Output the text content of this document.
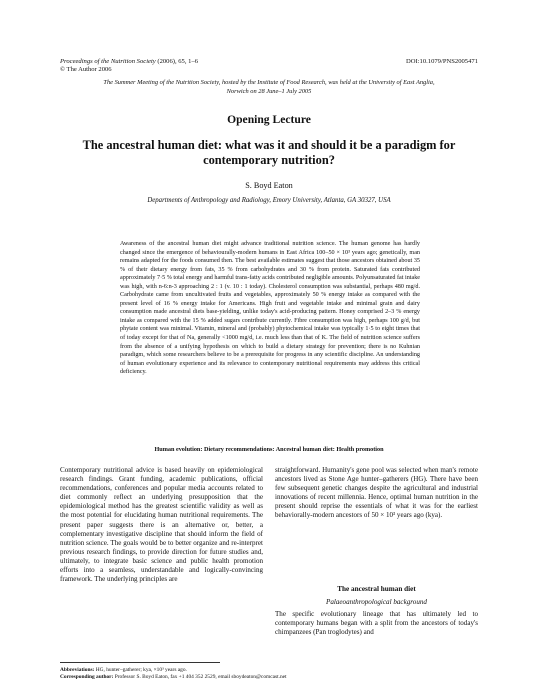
Proceedings of the Nutrition Society (2006), 65, 1–6
© The Author 2006
DOI:10.1079/PNS2005471
The Summer Meeting of the Nutrition Society, hosted by the Institute of Food Research, was held at the University of East Anglia,
Norwich on 28 June–1 July 2005
Opening Lecture
The ancestral human diet: what was it and should it be a paradigm for contemporary nutrition?
S. Boyd Eaton
Departments of Anthropology and Radiology, Emory University, Atlanta, GA 30327, USA
Awareness of the ancestral human diet might advance traditional nutrition science. The human genome has hardly changed since the emergence of behaviourally-modern humans in East Africa 100–50 × 10³ years ago; genetically, man remains adapted for the foods consumed then. The best available estimates suggest that those ancestors obtained about 35 % of their dietary energy from fats, 35 % from carbohydrates and 30 % from protein. Saturated fats contributed approximately 7·5 % total energy and harmful trans-fatty acids contributed negligible amounts. Polyunsaturated fat intake was high, with n-6:n-3 approaching 2 : 1 (v. 10 : 1 today). Cholesterol consumption was substantial, perhaps 480 mg/d. Carbohydrate came from uncultivated fruits and vegetables, approximately 50 % energy intake as compared with the present level of 16 % energy intake for Americans. High fruit and vegetable intake and minimal grain and dairy consumption made ancestral diets base-yielding, unlike today's acid-producing pattern. Honey comprised 2–3 % energy intake as compared with the 15 % added sugars contribute currently. Fibre consumption was high, perhaps 100 g/d, but phytate content was minimal. Vitamin, mineral and (probably) phytochemical intake was typically 1·5 to eight times that of today except for that of Na, generally <1000 mg/d, i.e. much less than that of K. The field of nutrition science suffers from the absence of a unifying hypothesis on which to build a dietary strategy for prevention; there is no Kuhnian paradigm, which some researchers believe to be a prerequisite for progress in any scientific discipline. An understanding of human evolutionary experience and its relevance to contemporary nutritional requirements may address this critical deficiency.
Human evolution: Dietary recommendations: Ancestral human diet: Health promotion

Contemporary nutritional advice is based heavily on epidemiological research findings. Grant funding, academic publications, official recommendations, conferences and popular media accounts related to diet commonly reflect an underlying presupposition that the epidemiological method has the greatest scientific validity as well as the most potential for elucidating human nutritional requirements. The present paper suggests there is an alternative or, better, a complementary investigative discipline that should inform the field of nutrition science. The goals would be to better organize and re-interpret previous research findings, to provide direction for future studies and, ultimately, to integrate basic science and public health promotion efforts into a seamless, understandable and logically-convincing framework. The underlying principles are

straightforward. Humanity's gene pool was selected when man's remote ancestors lived as Stone Age hunter–gatherers (HG). There have been few subsequent genetic changes despite the agricultural and industrial innovations of recent millennia. Hence, optimal human nutrition in the present should reprise the essentials of what it was for the earliest behaviorally-modern ancestors of 50 × 10³ years ago (kya).

The ancestral human diet
Palaeoanthropological background

The specific evolutionary lineage that has ultimately led to contemporary humans began with a split from the ancestors of today's chimpanzees (Pan troglodytes) and

Abbreviations: HG, hunter–gatherer; kya, ×10³ years ago.
Corresponding author: Professor S. Boyd Eaton, fax +1 404 352 2529, email sboydeaton@comcast.net
